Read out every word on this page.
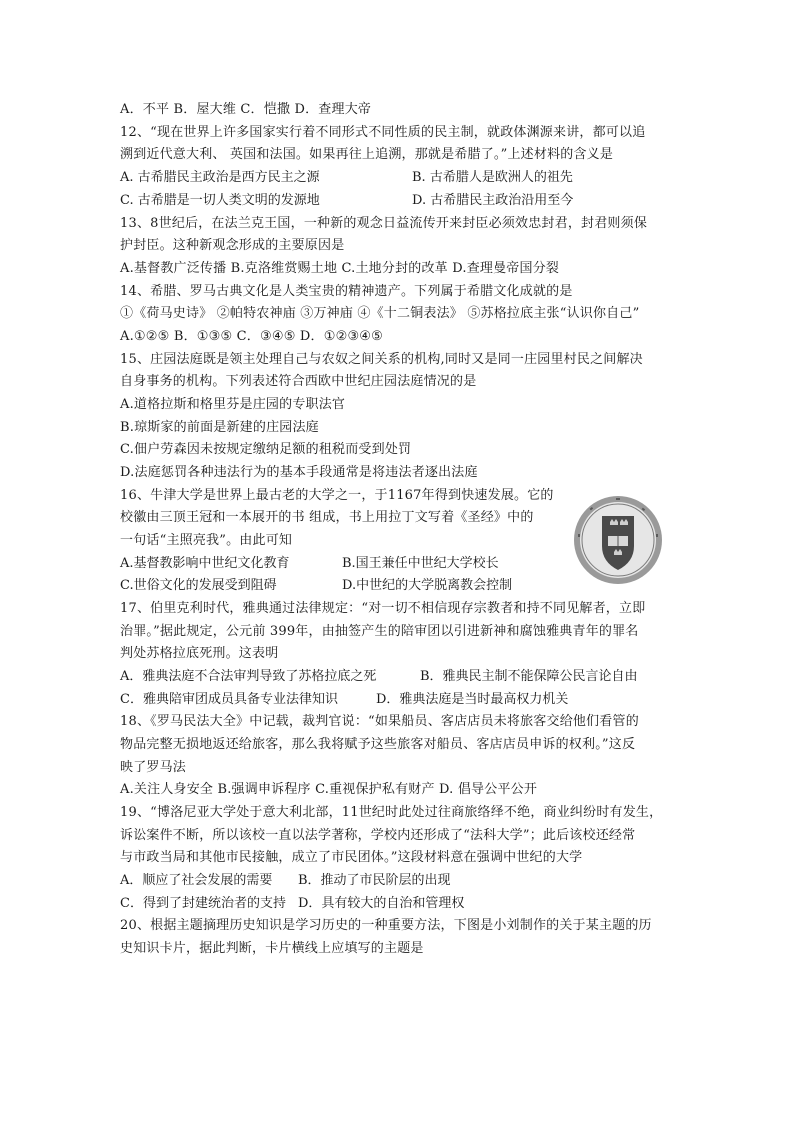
A．不平 B．屋大维 C．恺撒 D．查理大帝
12、“现在世界上许多国家实行着不同形式不同性质的民主制，就政体渊源来讲，都可以追
溯到近代意大利、 英国和法国。如果再往上追溯，那就是希腊了。”上述材料的含义是
A. 古希腊民主政治是西方民主之源	B. 古希腊人是欧洲人的祖先
C. 古希腊是一切人类文明的发源地	D. 古希腊民主政治沿用至今
13、8世纪后，在法兰克王国，一种新的观念日益流传开来封臣必须效忠封君，封君则须保
护封臣。这种新观念形成的主要原因是
A.基督教广泛传播 B.克洛维赏赐土地 C.土地分封的改革 D.查理曼帝国分裂
14、希腊、罗马古典文化是人类宝贵的精神遗产。下列属于希腊文化成就的是
①《荷马史诗》 ②帕特农神庙 ③万神庙 ④《十二铜表法》 ⑤苏格拉底主张“认识你自己”
A.①②⑤ B．①③⑤ C．③④⑤ D．①②③④⑤
15、庄园法庭既是领主处理自己与农奴之间关系的机构,同时又是同一庄园里村民之间解决
自身事务的机构。下列表述符合西欧中世纪庄园法庭情况的是
A.道格拉斯和格里芬是庄园的专职法官
B.琼斯家的前面是新建的庄园法庭
C.佃户劳森因未按规定缴纳足额的租税而受到处罚
D.法庭惩罚各种违法行为的基本手段通常是将违法者逐出法庭
16、牛津大学是世界上最古老的大学之一，于1167年得到快速发展。它的
校徽由三顶王冠和一本展开的书 组成，书上用拉丁文写着《圣经》中的
一句话“主照亮我”。由此可知
A.基督教影响中世纪文化教育	B.国王兼任中世纪大学校长
C.世俗文化的发展受到阻碍	D.中世纪的大学脱离教会控制
17、伯里克利时代，雅典通过法律规定：“对一切不相信现存宗教者和持不同见解者，立即
治罪。”据此规定，公元前 399年，由抽签产生的陪审团以引进新神和腐蚀雅典青年的罪名
判处苏格拉底死刑。这表明
A．雅典法庭不合法审判导致了苏格拉底之死	B．雅典民主制不能保障公民言论自由
C．雅典陪审团成员具备专业法律知识	D．雅典法庭是当时最高权力机关
18、《罗马民法大全》中记载，裁判官说：“如果船员、客店店员未将旅客交给他们看管的
物品完整无损地返还给旅客，那么我将赋予这些旅客对船员、客店店员申诉的权利。”这反
映了罗马法
A.关注人身安全 B.强调申诉程序 C.重视保护私有财产 D. 倡导公平公开
19、“博洛尼亚大学处于意大利北部，11世纪时此处过往商旅络绎不绝，商业纠纷时有发生，
诉讼案件不断，所以该校一直以法学著称，学校内还形成了“法科大学”；此后该校还经常
与市政当局和其他市民接触，成立了市民团体。”这段材料意在强调中世纪的大学
A．顺应了社会发展的需要 B．推动了市民阶层的出现
C．得到了封建统治者的支持 D．具有较大的自治和管理权
20、根据主题摘理历史知识是学习历史的一种重要方法，下图是小刘制作的关于某主题的历
史知识卡片，据此判断，卡片横线上应填写的主题是
